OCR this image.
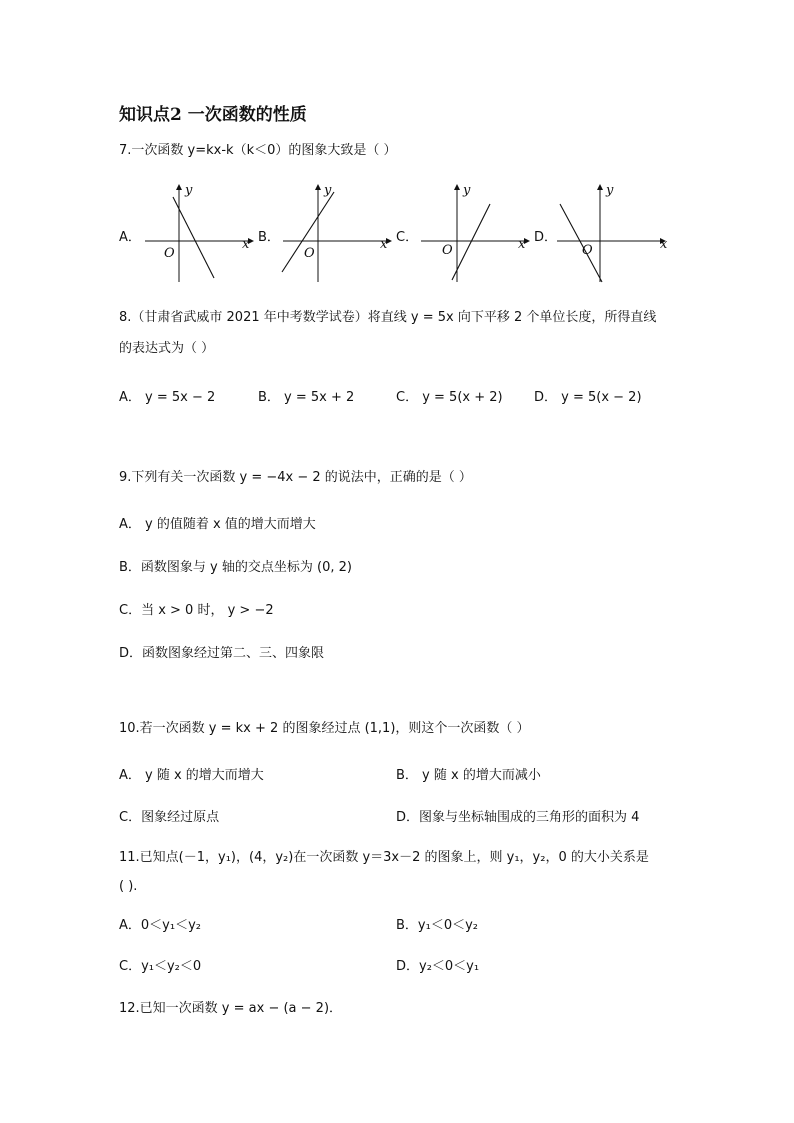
知识点2 一次函数的性质
7.一次函数 y=kx-k（k＜0）的图象大致是（ ）
A．
y
x
O
B．
y
x
O
C．
y
x
O
D．
y
x
O
8.（甘肃省武威市 2021 年中考数学试卷）将直线 y = 5x 向下平移 2 个单位长度，所得直线
的表达式为（ ）
A． y = 5x − 2	B． y = 5x + 2	C． y = 5(x + 2) D． y = 5(x − 2)
9.下列有关一次函数 y = −4x − 2 的说法中，正确的是（ ）
A． y 的值随着 x 值的增大而增大
B．函数图象与 y 轴的交点坐标为 (0, 2)
C．当 x > 0 时， y > −2
D．函数图象经过第二、三、四象限
10.若一次函数 y = kx + 2 的图象经过点 (1,1)，则这个一次函数（ ）
A． y 随 x 的增大而增大	B． y 随 x 的增大而减小
C．图象经过原点	D．图象与坐标轴围成的三角形的面积为 4
11.已知点(－1，y₁)，(4，y₂)在一次函数 y＝3x－2 的图象上，则 y₁，y₂，0 的大小关系是
( ).
A．0＜y₁＜y₂	B．y₁＜0＜y₂
C．y₁＜y₂＜0	D．y₂＜0＜y₁
12.已知一次函数 y = ax − (a − 2)．
